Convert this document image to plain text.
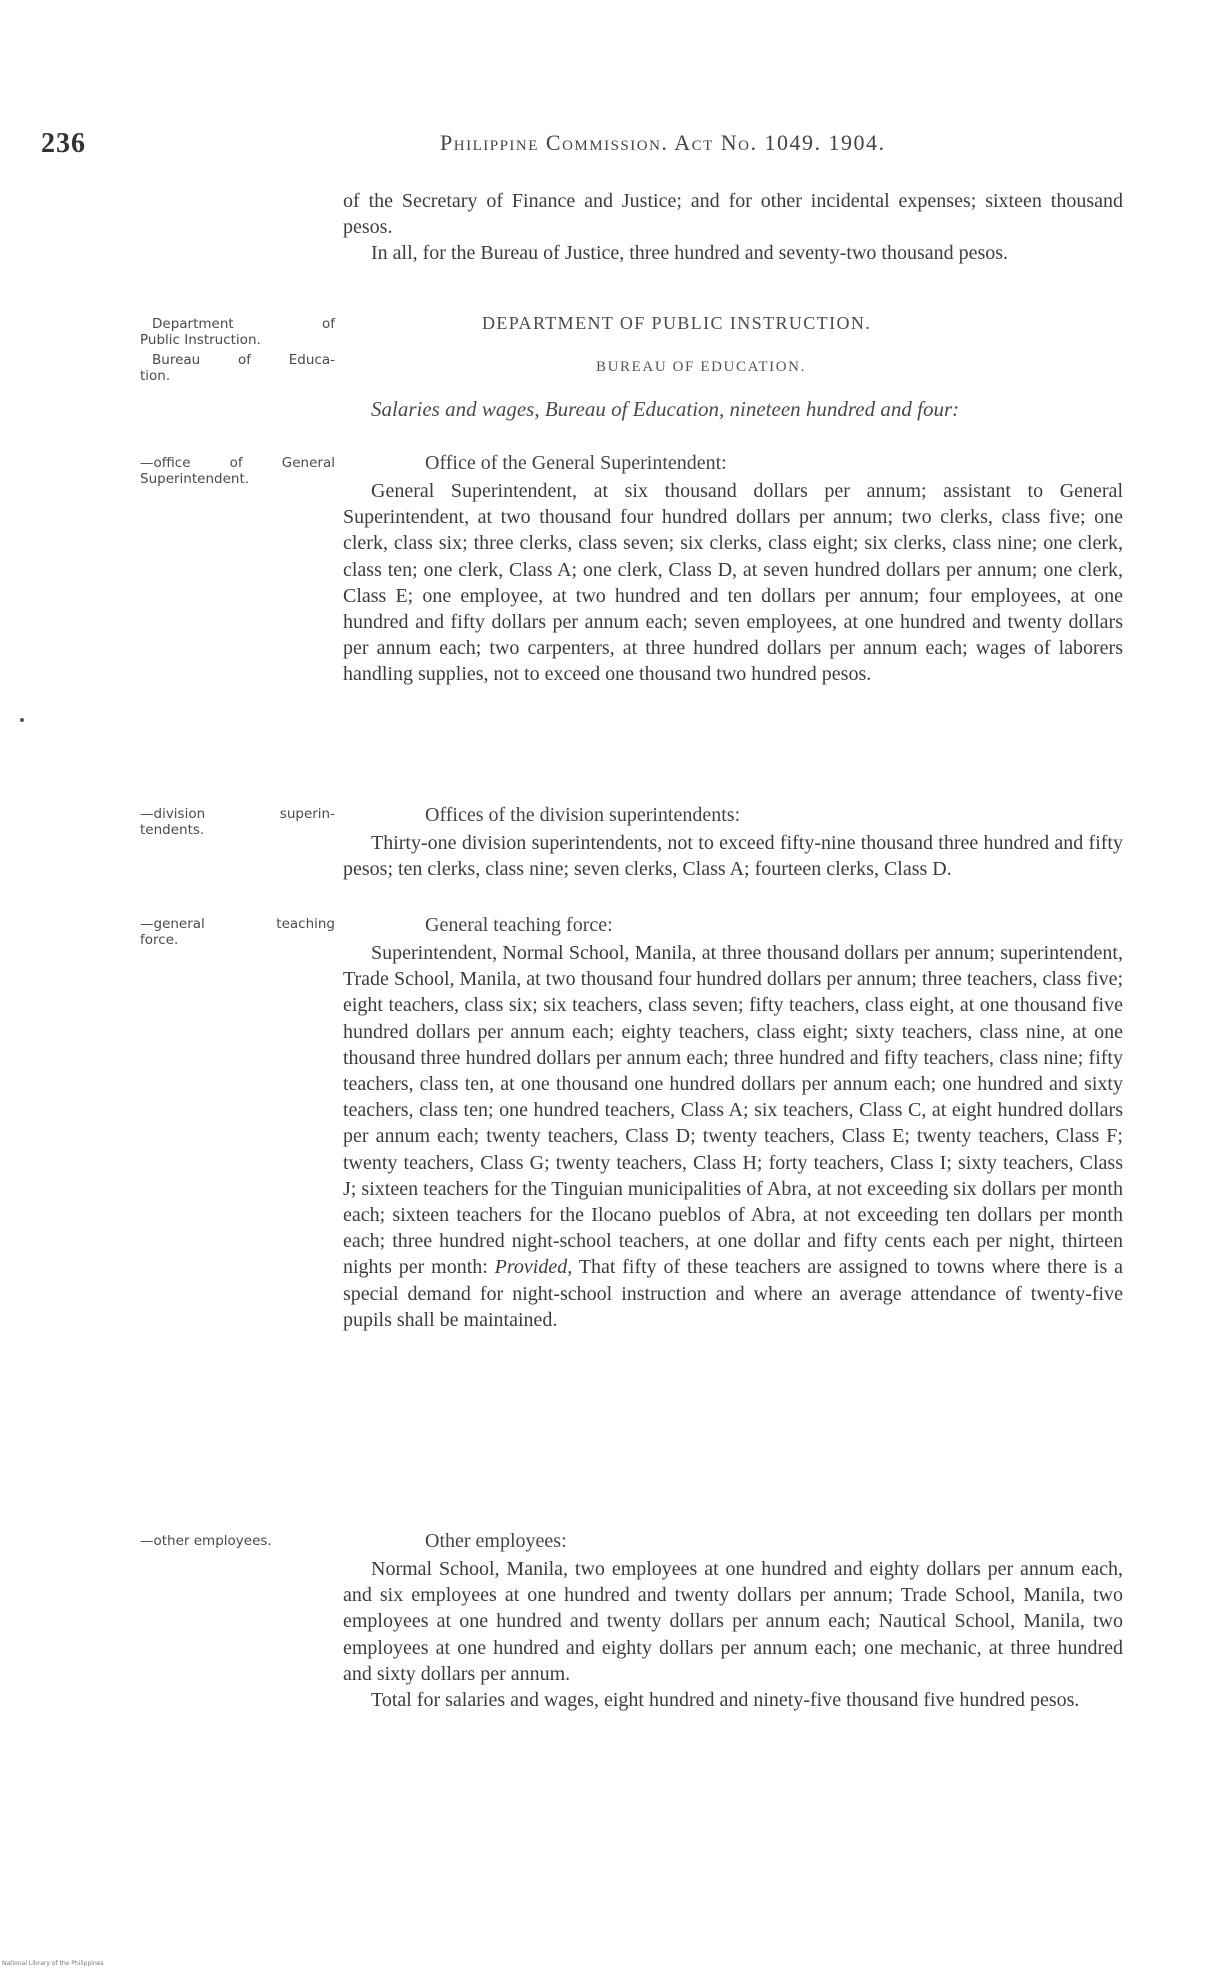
236	Philippine Commission. Act No. 1049. 1904.

of the Secretary of Finance and Justice; and for other incidental expenses; sixteen thousand pesos.

In all, for the Bureau of Justice, three hundred and seventy-two thousand pesos.

Department of
Public Instruction.
DEPARTMENT OF PUBLIC INSTRUCTION.
Bureau of Educa-
tion.
BUREAU OF EDUCATION.
Salaries and wages, Bureau of Education, nineteen hundred and four:
—office of General
Superintendent.
Office of the General Superintendent:

General Superintendent, at six thousand dollars per annum; assistant to General Superintendent, at two thousand four hundred dollars per annum; two clerks, class five; one clerk, class six; three clerks, class seven; six clerks, class eight; six clerks, class nine; one clerk, class ten; one clerk, Class A; one clerk, Class D, at seven hundred dollars per annum; one clerk, Class E; one employee, at two hundred and ten dollars per annum; four employees, at one hundred and fifty dollars per annum each; seven employees, at one hundred and twenty dollars per annum each; two carpenters, at three hundred dollars per annum each; wages of laborers handling supplies, not to exceed one thousand two hundred pesos.

—division superin-
tendents.
Offices of the division superintendents:

Thirty-one division superintendents, not to exceed fifty-nine thousand three hundred and fifty pesos; ten clerks, class nine; seven clerks, Class A; fourteen clerks, Class D.

—general teaching
force.
General teaching force:

Superintendent, Normal School, Manila, at three thousand dollars per annum; superintendent, Trade School, Manila, at two thousand four hundred dollars per annum; three teachers, class five; eight teachers, class six; six teachers, class seven; fifty teachers, class eight, at one thousand five hundred dollars per annum each; eighty teachers, class eight; sixty teachers, class nine, at one thousand three hundred dollars per annum each; three hundred and fifty teachers, class nine; fifty teachers, class ten, at one thousand one hundred dollars per annum each; one hundred and sixty teachers, class ten; one hundred teachers, Class A; six teachers, Class C, at eight hundred dollars per annum each; twenty teachers, Class D; twenty teachers, Class E; twenty teachers, Class F; twenty teachers, Class G; twenty teachers, Class H; forty teachers, Class I; sixty teachers, Class J; sixteen teachers for the Tinguian municipalities of Abra, at not exceeding six dollars per month each; sixteen teachers for the Ilocano pueblos of Abra, at not exceeding ten dollars per month each; three hundred night-school teachers, at one dollar and fifty cents each per night, thirteen nights per month: Provided, That fifty of these teachers are assigned to towns where there is a special demand for night-school instruction and where an average attendance of twenty-five pupils shall be maintained.

—other employees.	Other employees:

Normal School, Manila, two employees at one hundred and eighty dollars per annum each, and six employees at one hundred and twenty dollars per annum; Trade School, Manila, two employees at one hundred and twenty dollars per annum each; Nautical School, Manila, two employees at one hundred and eighty dollars per annum each; one mechanic, at three hundred and sixty dollars per annum.

Total for salaries and wages, eight hundred and ninety-five thousand five hundred pesos.

National Library of the Philippines
